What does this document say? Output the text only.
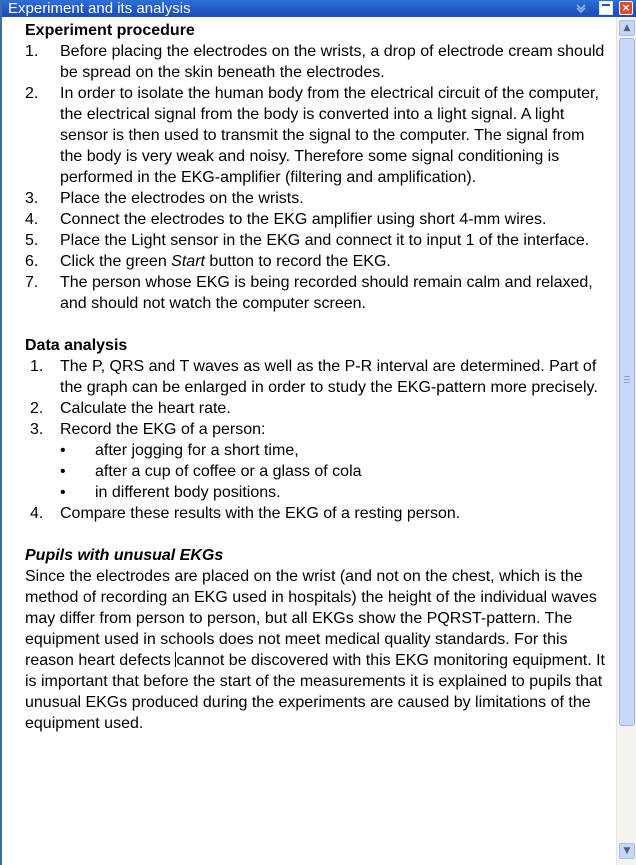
Experiment and its analysis	×
Experiment procedure
1. Before placing the electrodes on the wrists, a drop of electrode cream should be spread on the skin beneath the electrodes.
2. In order to isolate the human body from the electrical circuit of the computer, the electrical signal from the body is converted into a light signal. A light sensor is then used to transmit the signal to the computer. The signal from the body is very weak and noisy. Therefore some signal conditioning is performed in the EKG-amplifier (filtering and amplification).
3. Place the electrodes on the wrists.
4. Connect the electrodes to the EKG amplifier using short 4-mm wires.
5. Place the Light sensor in the EKG and connect it to input 1 of the interface.
6. Click the green Start button to record the EKG.
7. The person whose EKG is being recorded should remain calm and relaxed, and should not watch the computer screen.
Data analysis
1. The P, QRS and T waves as well as the P-R interval are determined. Part of the graph can be enlarged in order to study the EKG-pattern more precisely.
2. Calculate the heart rate.
3. Record the EKG of a person:
• after jogging for a short time,
• after a cup of coffee or a glass of cola
• in different body positions.
4. Compare these results with the EKG of a resting person.
Pupils with unusual EKGs

Since the electrodes are placed on the wrist (and not on the chest, which is the method of recording an EKG used in hospitals) the height of the individual waves may differ from person to person, but all EKGs show the PQRST-pattern. The equipment used in schools does not meet medical quality standards. For this reason heart defects cannot be discovered with this EKG monitoring equipment. It is important that before the start of the measurements it is explained to pupils that unusual EKGs produced during the experiments are caused by limitations of the equipment used.

▲
▼
